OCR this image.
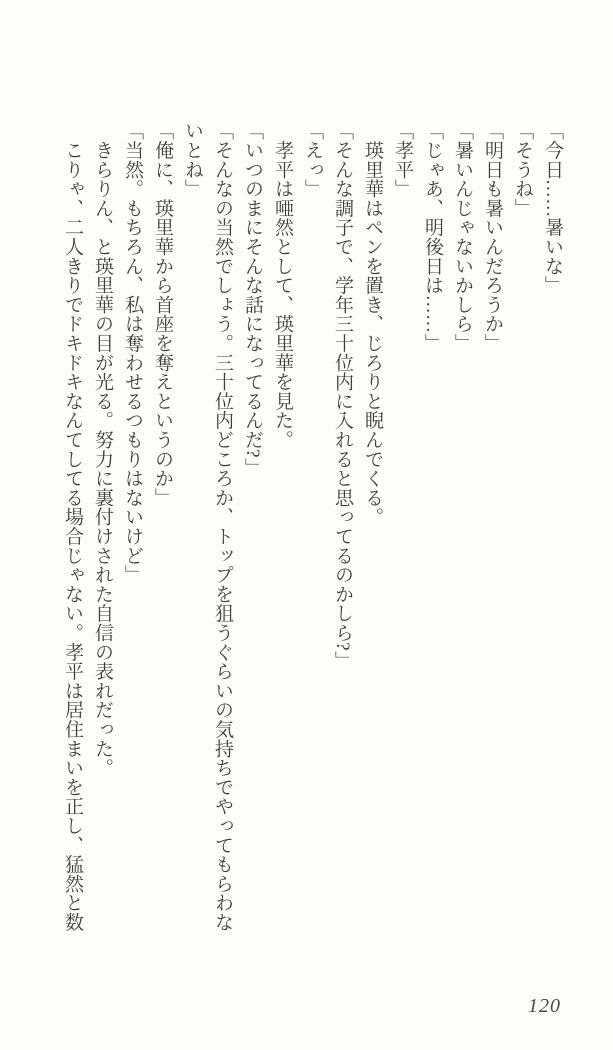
「今日……暑いな」
「そうね」
「明日も暑いんだろうか」
「暑いんじゃないかしら」
「じゃあ、明後日は……」
「孝平」
　瑛里華はペンを置き、じろりと睨んでくる。
「そんな調子で、学年三十位内に入れると思ってるのかしら?」
「えっ」
　孝平は唖然として、瑛里華を見た。
「いつのまにそんな話になってるんだ?」
「そんなの当然でしょう。三十位内どころか、トップを狙うぐらいの気持ちでやってもらわな
いとね」
「俺に、瑛里華から首座を奪えというのか」
「当然。もちろん、私は奪わせるつもりはないけど」
　きらりん、と瑛里華の目が光る。努力に裏付けされた自信の表れだった。
　こりゃ、二人きりでドキドキなんてしてる場合じゃない。孝平は居住まいを正し、猛然と数
120
